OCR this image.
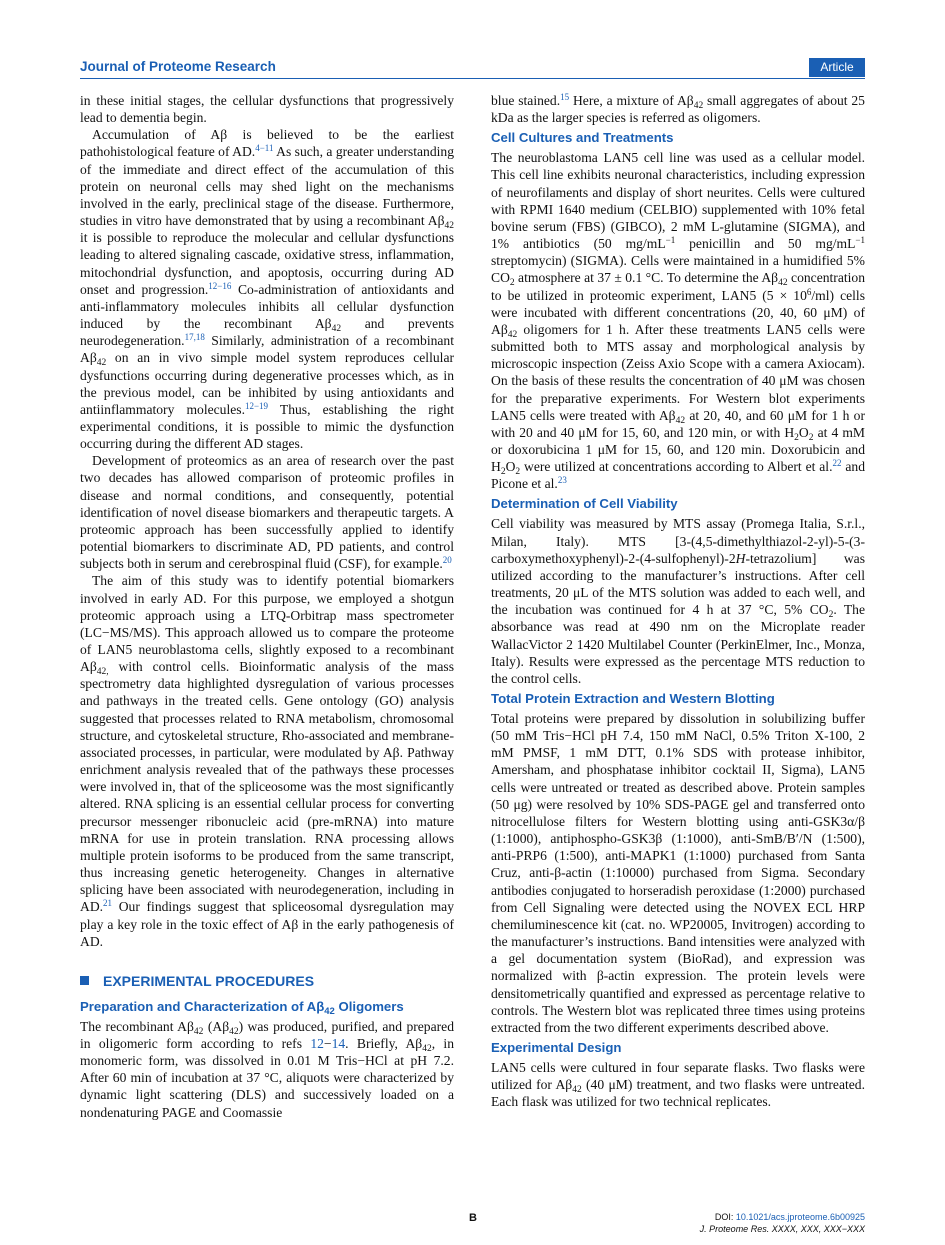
Journal of Proteome Research	Article

in these initial stages, the cellular dysfunctions that progressively lead to dementia begin.

Accumulation of Aβ is believed to be the earliest pathohistological feature of AD.$^{4-11}$ As such, a greater understanding of the immediate and direct effect of the accumulation of this protein on neuronal cells may shed light on the mechanisms involved in the early, preclinical stage of the disease. Furthermore, studies in vitro have demonstrated that by using a recombinant $A\beta_{42}$ it is possible to reproduce the molecular and cellular dysfunctions leading to altered signaling cascade, oxidative stress, inflammation, mitochondrial dysfunction, and apoptosis, occurring during AD onset and progression.$^{12-16}$ Co-administration of antioxidants and anti-inflammatory molecules inhibits all cellular dysfunction induced by the recombinant $A\beta_{42}$ and prevents neurodegeneration.$^{17,18}$ Similarly, administration of a recombinant $A\beta_{42}$ on an in vivo simple model system reproduces cellular dysfunctions occurring during degenerative processes which, as in the previous model, can be inhibited by using antioxidants and antiinflammatory molecules.$^{12-19}$ Thus, establishing the right experimental conditions, it is possible to mimic the dysfunction occurring during the different AD stages.

Development of proteomics as an area of research over the past two decades has allowed comparison of proteomic profiles in disease and normal conditions, and consequently, potential identification of novel disease biomarkers and therapeutic targets. A proteomic approach has been successfully applied to identify potential biomarkers to discriminate AD, PD patients, and control subjects both in serum and cerebrospinal fluid (CSF), for example.$^{20}$

The aim of this study was to identify potential biomarkers involved in early AD. For this purpose, we employed a shotgun proteomic approach using a LTQ-Orbitrap mass spectrometer (LC−MS/MS). This approach allowed us to compare the proteome of LAN5 neuroblastoma cells, slightly exposed to a recombinant $A\beta_{42,}$ with control cells. Bioinformatic analysis of the mass spectrometry data highlighted dysregulation of various processes and pathways in the treated cells. Gene ontology (GO) analysis suggested that processes related to RNA metabolism, chromosomal structure, and cytoskeletal structure, Rho-associated and membrane-associated processes, in particular, were modulated by Aβ. Pathway enrichment analysis revealed that of the pathways these processes were involved in, that of the spliceosome was the most significantly altered. RNA splicing is an essential cellular process for converting precursor messenger ribonucleic acid (pre-mRNA) into mature mRNA for use in protein translation. RNA processing allows multiple protein isoforms to be produced from the same transcript, thus increasing genetic heterogeneity. Changes in alternative splicing have been associated with neurodegeneration, including in AD.$^{21}$ Our findings suggest that spliceosomal dysregulation may play a key role in the toxic effect of Aβ in the early pathogenesis of AD.

EXPERIMENTAL PROCEDURES
Preparation and Characterization of $A\beta_{42}$ Oligomers

The recombinant $A\beta_{42}$ $(A\beta_{42})$ was produced, purified, and prepared in oligomeric form according to refs 12−14. Briefly, $A\beta_{42}$, in monomeric form, was dissolved in 0.01 M Tris−HCl at pH 7.2. After 60 min of incubation at 37 °C, aliquots were characterized by dynamic light scattering (DLS) and successively loaded on a nondenaturing PAGE and Coomassie

blue stained.$^{15}$ Here, a mixture of $A\beta_{42}$ small aggregates of about 25 kDa as the larger species is referred as oligomers.

Cell Cultures and Treatments

The neuroblastoma LAN5 cell line was used as a cellular model. This cell line exhibits neuronal characteristics, including expression of neurofilaments and display of short neurites. Cells were cultured with RPMI 1640 medium (CELBIO) supplemented with 10% fetal bovine serum (FBS) (GIBCO), 2 mM L-glutamine (SIGMA), and 1% antibiotics (50 $mg/mL^{-1}$ penicillin and 50 $mg/mL^{-1}$ streptomycin) (SIGMA). Cells were maintained in a humidified 5% $CO_2$ atmosphere at 37 ± 0.1 °C. To determine the $A\beta_{42}$ concentration to be utilized in proteomic experiment, LAN5 $(5 \times 10^6/ml)$ cells were incubated with different concentrations (20, 40, 60 μM) of $A\beta_{42}$ oligomers for 1 h. After these treatments LAN5 cells were submitted both to MTS assay and morphological analysis by microscopic inspection (Zeiss Axio Scope with a camera Axiocam). On the basis of these results the concentration of 40 μM was chosen for the preparative experiments. For Western blot experiments LAN5 cells were treated with $A\beta_{42}$ at 20, 40, and 60 μM for 1 h or with 20 and 40 μM for 15, 60, and 120 min, or with $H_2O_2$ at 4 mM or doxorubicina 1 μM for 15, 60, and 120 min. Doxorubicin and $H_2O_2$ were utilized at concentrations according to Albert et al.$^{22}$ and Picone et al.$^{23}$

Determination of Cell Viability

Cell viability was measured by MTS assay (Promega Italia, S.r.l., Milan, Italy). MTS [3-(4,5-dimethylthiazol-2-yl)-5-(3-carboxymethoxyphenyl)-2-(4-sulfophenyl)-2H-tetrazolium] was utilized according to the manufacturer’s instructions. After cell treatments, 20 μL of the MTS solution was added to each well, and the incubation was continued for 4 h at 37 °C, 5% $CO_2$. The absorbance was read at 490 nm on the Microplate reader WallacVictor 2 1420 Multilabel Counter (PerkinElmer, Inc., Monza, Italy). Results were expressed as the percentage MTS reduction to the control cells.

Total Protein Extraction and Western Blotting

Total proteins were prepared by dissolution in solubilizing buffer (50 mM Tris−HCl pH 7.4, 150 mM NaCl, 0.5% Triton X-100, 2 mM PMSF, 1 mM DTT, 0.1% SDS with protease inhibitor, Amersham, and phosphatase inhibitor cocktail II, Sigma), LAN5 cells were untreated or treated as described above. Protein samples (50 μg) were resolved by 10% SDS-PAGE gel and transferred onto nitrocellulose filters for Western blotting using anti-GSK3α/β (1:1000), antiphospho-GSK3β (1:1000), anti-SmB/B′/N (1:500), anti-PRP6 (1:500), anti-MAPK1 (1:1000) purchased from Santa Cruz, anti-β-actin (1:10000) purchased from Sigma. Secondary antibodies conjugated to horseradish peroxidase (1:2000) purchased from Cell Signaling were detected using the NOVEX ECL HRP chemiluminescence kit (cat. no. WP20005, Invitrogen) according to the manufacturer’s instructions. Band intensities were analyzed with a gel documentation system (BioRad), and expression was normalized with β-actin expression. The protein levels were densitometrically quantified and expressed as percentage relative to controls. The Western blot was replicated three times using proteins extracted from the two different experiments described above.

Experimental Design

LAN5 cells were cultured in four separate flasks. Two flasks were utilized for $A\beta_{42}$ (40 μM) treatment, and two flasks were untreated. Each flask was utilized for two technical replicates.

B	DOI: 10.1021/acs.jproteome.6b00925
J. Proteome Res. XXXX, XXX, XXX−XXX
